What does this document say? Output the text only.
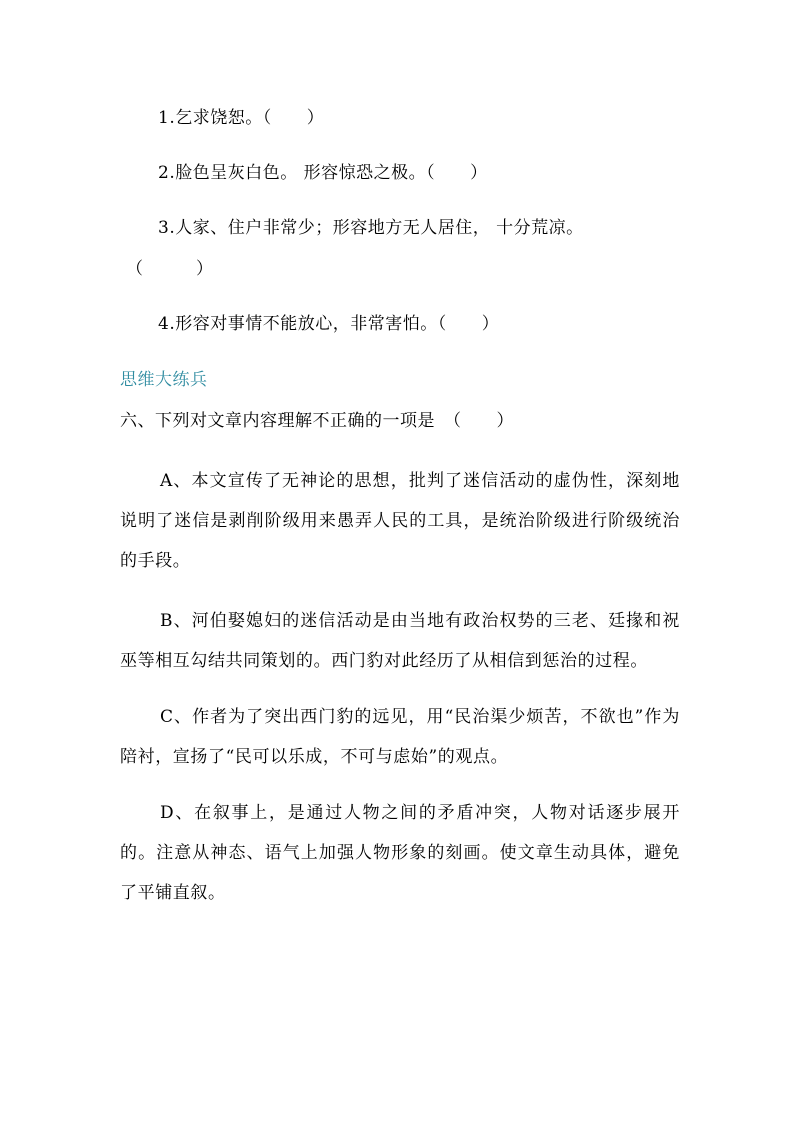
1.乞求饶恕。（　　）
2.脸色呈灰白色。 形容惊恐之极。（　　）
3.人家、住户非常少；形容地方无人居住， 十分荒凉。
（　　　）
4.形容对事情不能放心，非常害怕。（　　）
思维大练兵
六、下列对文章内容理解不正确的一项是　（　　）
A、本文宣传了无神论的思想，批判了迷信活动的虚伪性，深刻地说明了迷信是剥削阶级用来愚弄人民的工具，是统治阶级进行阶级统治的手段。
B、河伯娶媳妇的迷信活动是由当地有政治权势的三老、廷掾和祝巫等相互勾结共同策划的。西门豹对此经历了从相信到惩治的过程。
C、作者为了突出西门豹的远见，用“民治渠少烦苦，不欲也”作为陪衬，宣扬了“民可以乐成，不可与虑始”的观点。
D、在叙事上，是通过人物之间的矛盾冲突，人物对话逐步展开的。注意从神态、语气上加强人物形象的刻画。使文章生动具体，避免了平铺直叙。
